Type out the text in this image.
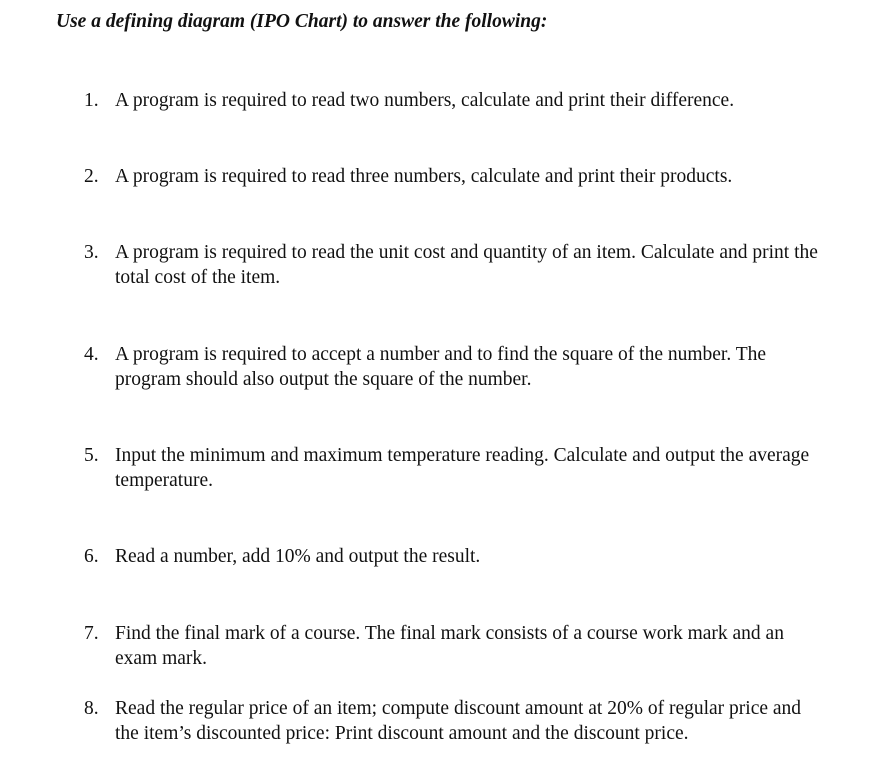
Use a defining diagram (IPO Chart) to answer the following:
1. A program is required to read two numbers, calculate and print their difference.
2. A program is required to read three numbers, calculate and print their products.
3. A program is required to read the unit cost and quantity of an item. Calculate and print the total cost of the item.
4. A program is required to accept a number and to find the square of the number. The program should also output the square of the number.
5. Input the minimum and maximum temperature reading. Calculate and output the average temperature.
6. Read a number, add 10% and output the result.
7. Find the final mark of a course. The final mark consists of a course work mark and an exam mark.
8. Read the regular price of an item; compute discount amount at 20% of regular price and the item’s discounted price: Print discount amount and the discount price.
